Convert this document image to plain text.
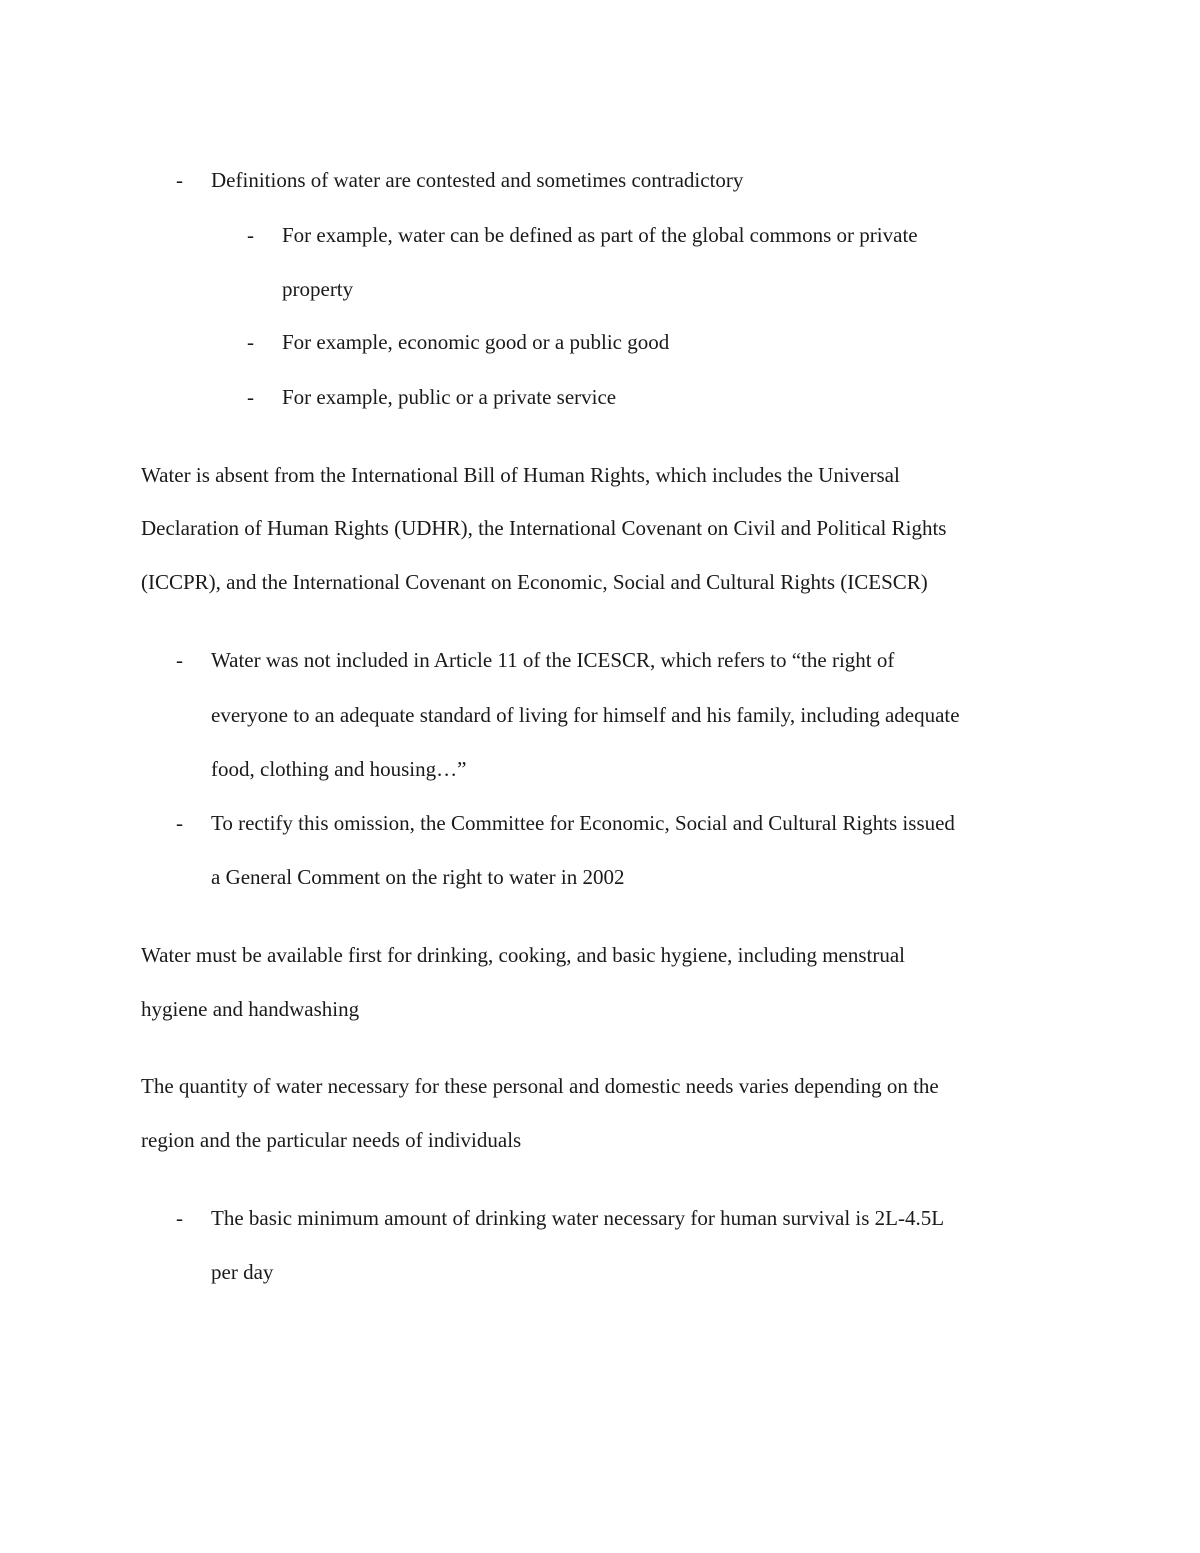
- Definitions of water are contested and sometimes contradictory
- For example, water can be defined as part of the global commons or private
property
- For example, economic good or a public good
- For example, public or a private service
Water is absent from the International Bill of Human Rights, which includes the Universal
Declaration of Human Rights (UDHR), the International Covenant on Civil and Political Rights
(ICCPR), and the International Covenant on Economic, Social and Cultural Rights (ICESCR)
- Water was not included in Article 11 of the ICESCR, which refers to “the right of
everyone to an adequate standard of living for himself and his family, including adequate
food, clothing and housing…”
- To rectify this omission, the Committee for Economic, Social and Cultural Rights issued
a General Comment on the right to water in 2002
Water must be available first for drinking, cooking, and basic hygiene, including menstrual
hygiene and handwashing
The quantity of water necessary for these personal and domestic needs varies depending on the
region and the particular needs of individuals
- The basic minimum amount of drinking water necessary for human survival is 2L-4.5L
per day
